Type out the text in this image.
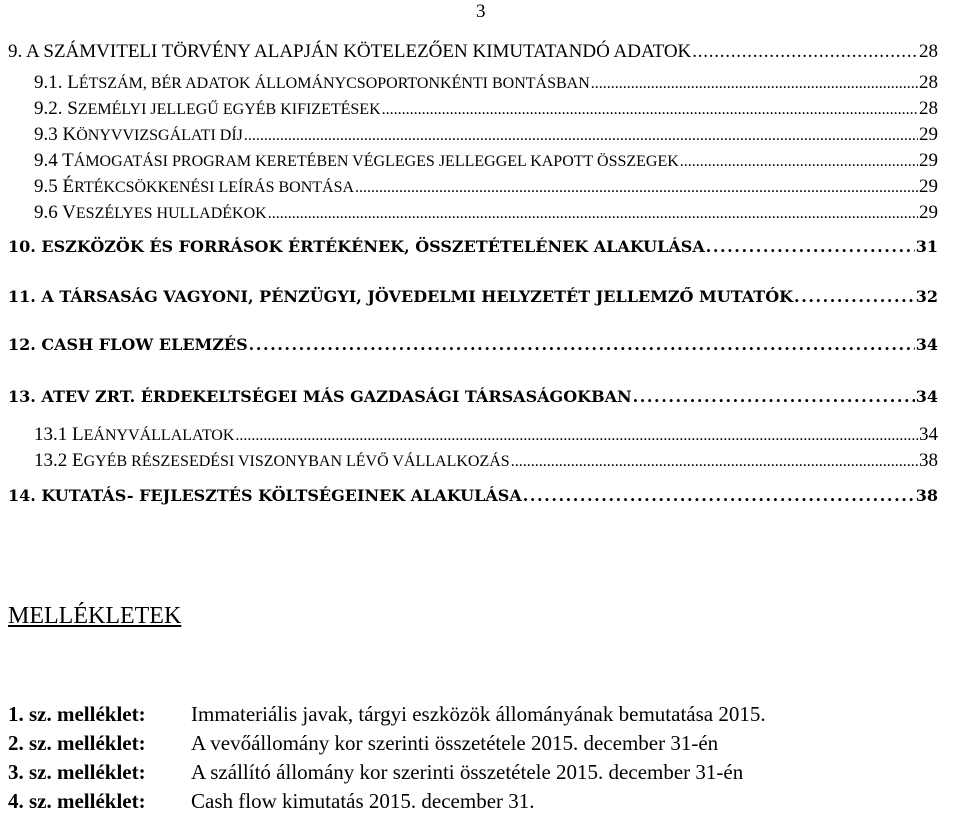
3
9. A SZÁMVITELI TÖRVÉNY ALAPJÁN KÖTELEZŐEN KIMUTATANDÓ ADATOK . . .	28
9.1. LÉTSZÁM, BÉR ADATOK ÁLLOMÁNYCSOPORTONKÉNTI BONTÁSBAN . . .	28
9.2. SZEMÉLYI JELLEGŰ EGYÉB KIFIZETÉSEK . . .	28
9.3 KÖNYVVIZSGÁLATI DÍJ . . .	29
9.4 TÁMOGATÁSI PROGRAM KERETÉBEN VÉGLEGES JELLEGGEL KAPOTT ÖSSZEGEK . . .	29
9.5 ÉRTÉKCSÖKKENÉSI LEÍRÁS BONTÁSA . . .	29
9.6 VESZÉLYES HULLADÉKOK . . .	29
10. ESZKÖZÖK ÉS FORRÁSOK ÉRTÉKÉNEK, ÖSSZETÉTELÉNEK ALAKULÁSA . . .	31
11. A TÁRSASÁG VAGYONI, PÉNZÜGYI, JÖVEDELMI HELYZETÉT JELLEMZŐ MUTATÓK . . .	32
12. CASH FLOW ELEMZÉS . . .	34
13. ATEV ZRT. ÉRDEKELTSÉGEI MÁS GAZDASÁGI TÁRSASÁGOKBAN . . .	34
13.1 LEÁNYVÁLLALATOK . . .	34
13.2 EGYÉB RÉSZESEDÉSI VISZONYBAN LÉVŐ VÁLLALKOZÁS . . .	38
14. KUTATÁS- FEJLESZTÉS KÖLTSÉGEINEK ALAKULÁSA . . .	38
MELLÉKLETEK
1. sz. melléklet:	Immateriális javak, tárgyi eszközök állományának bemutatása 2015.
2. sz. melléklet:	A vevőállomány kor szerinti összetétele 2015. december 31-én
3. sz. melléklet:	A szállító állomány kor szerinti összetétele 2015. december 31-én
4. sz. melléklet:	Cash flow kimutatás 2015. december 31.
